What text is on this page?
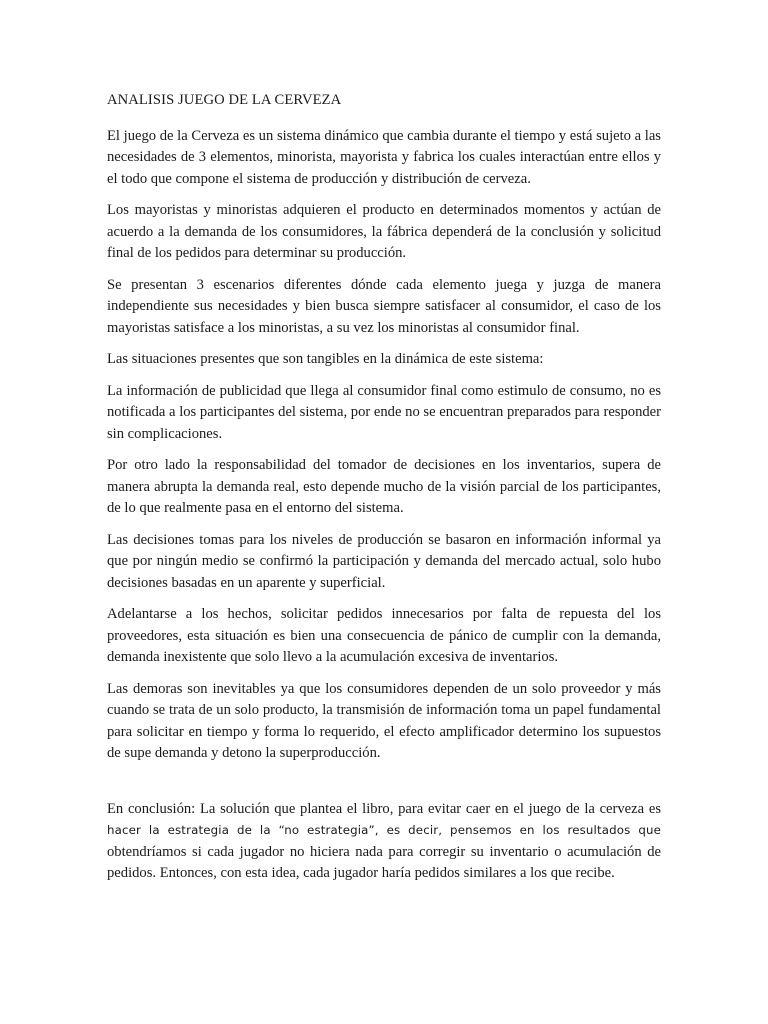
ANALISIS JUEGO DE LA CERVEZA

El juego de la Cerveza es un sistema dinámico que cambia durante el tiempo y está sujeto a las necesidades de 3 elementos, minorista, mayorista y fabrica los cuales interactúan entre ellos y el todo que compone el sistema de producción y distribución de cerveza.

Los mayoristas y minoristas adquieren el producto en determinados momentos y actúan de acuerdo a la demanda de los consumidores, la fábrica dependerá de la conclusión y solicitud final de los pedidos para determinar su producción.

Se presentan 3 escenarios diferentes dónde cada elemento juega y juzga de manera independiente sus necesidades y bien busca siempre satisfacer al consumidor, el caso de los mayoristas satisface a los minoristas, a su vez los minoristas al consumidor final.

Las situaciones presentes que son tangibles en la dinámica de este sistema:

La información de publicidad que llega al consumidor final como estimulo de consumo, no es notificada a los participantes del sistema, por ende no se encuentran preparados para responder sin complicaciones.

Por otro lado la responsabilidad del tomador de decisiones en los inventarios, supera de manera abrupta la demanda real, esto depende mucho de la visión parcial de los participantes, de lo que realmente pasa en el entorno del sistema.

Las decisiones tomas para los niveles de producción se basaron en información informal ya que por ningún medio se confirmó la participación y demanda del mercado actual, solo hubo decisiones basadas en un aparente y superficial.

Adelantarse a los hechos, solicitar pedidos innecesarios por falta de repuesta del los proveedores, esta situación es bien una consecuencia de pánico de cumplir con la demanda, demanda inexistente que solo llevo a la acumulación excesiva de inventarios.

Las demoras son inevitables ya que los consumidores dependen de un solo proveedor y más cuando se trata de un solo producto, la transmisión de información toma un papel fundamental para solicitar en tiempo y forma lo requerido, el efecto amplificador determino los supuestos de supe demanda y detono la superproducción.

En conclusión: La solución que plantea el libro, para evitar caer en el juego de la cerveza es hacer la estrategia de la “no estrategia”, es decir, pensemos en los resultados que obtendríamos si cada jugador no hiciera nada para corregir su inventario o acumulación de pedidos. Entonces, con esta idea, cada jugador haría pedidos similares a los que recibe.
